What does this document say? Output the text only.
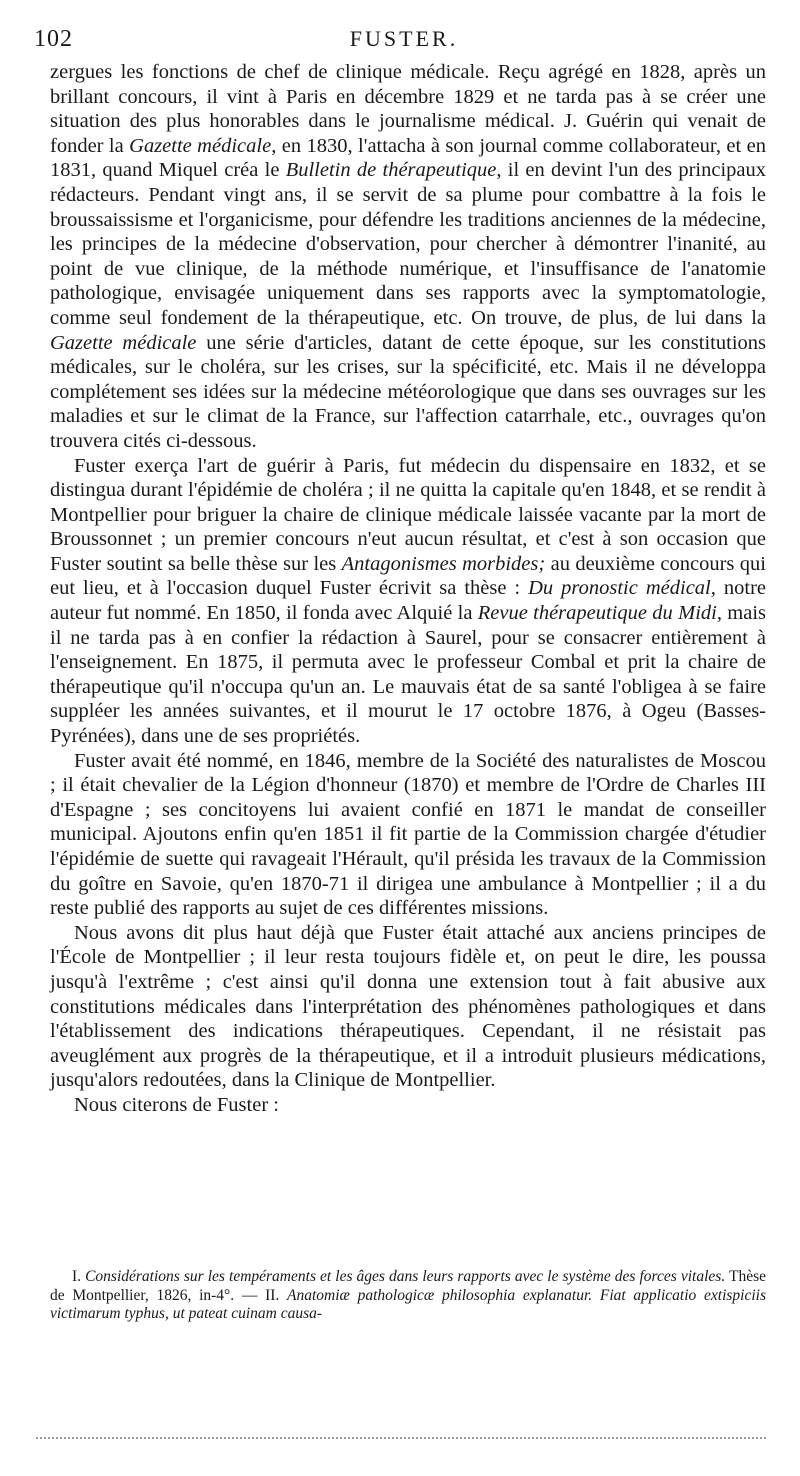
102	FUSTER.

zergues les fonctions de chef de clinique médicale. Reçu agrégé en 1828, après un brillant concours, il vint à Paris en décembre 1829 et ne tarda pas à se créer une situation des plus honorables dans le journalisme médical. J. Guérin qui venait de fonder la Gazette médicale, en 1830, l'attacha à son journal comme collaborateur, et en 1831, quand Miquel créa le Bulletin de thérapeutique, il en devint l'un des principaux rédacteurs. Pendant vingt ans, il se servit de sa plume pour combattre à la fois le broussaissisme et l'organicisme, pour défendre les traditions anciennes de la médecine, les principes de la médecine d'observation, pour chercher à démontrer l'inanité, au point de vue clinique, de la méthode numérique, et l'insuffisance de l'anatomie pathologique, envisagée uniquement dans ses rapports avec la symptomatologie, comme seul fondement de la thérapeutique, etc. On trouve, de plus, de lui dans la Gazette médicale une série d'articles, datant de cette époque, sur les constitutions médicales, sur le choléra, sur les crises, sur la spécificité, etc. Mais il ne développa complétement ses idées sur la médecine météorologique que dans ses ouvrages sur les maladies et sur le climat de la France, sur l'affection catarrhale, etc., ouvrages qu'on trouvera cités ci-dessous.

Fuster exerça l'art de guérir à Paris, fut médecin du dispensaire en 1832, et se distingua durant l'épidémie de choléra ; il ne quitta la capitale qu'en 1848, et se rendit à Montpellier pour briguer la chaire de clinique médicale laissée vacante par la mort de Broussonnet ; un premier concours n'eut aucun résultat, et c'est à son occasion que Fuster soutint sa belle thèse sur les Antagonismes morbides; au deuxième concours qui eut lieu, et à l'occasion duquel Fuster écrivit sa thèse : Du pronostic médical, notre auteur fut nommé. En 1850, il fonda avec Alquié la Revue thérapeutique du Midi, mais il ne tarda pas à en confier la rédaction à Saurel, pour se consacrer entièrement à l'enseignement. En 1875, il permuta avec le professeur Combal et prit la chaire de thérapeutique qu'il n'occupa qu'un an. Le mauvais état de sa santé l'obligea à se faire suppléer les années suivantes, et il mourut le 17 octobre 1876, à Ogeu (Basses-Pyrénées), dans une de ses propriétés.

Fuster avait été nommé, en 1846, membre de la Société des naturalistes de Moscou ; il était chevalier de la Légion d'honneur (1870) et membre de l'Ordre de Charles III d'Espagne ; ses concitoyens lui avaient confié en 1871 le mandat de conseiller municipal. Ajoutons enfin qu'en 1851 il fit partie de la Commission chargée d'étudier l'épidémie de suette qui ravageait l'Hérault, qu'il présida les travaux de la Commission du goître en Savoie, qu'en 1870-71 il dirigea une ambulance à Montpellier ; il a du reste publié des rapports au sujet de ces différentes missions.

Nous avons dit plus haut déjà que Fuster était attaché aux anciens principes de l'École de Montpellier ; il leur resta toujours fidèle et, on peut le dire, les poussa jusqu'à l'extrême ; c'est ainsi qu'il donna une extension tout à fait abusive aux constitutions médicales dans l'interprétation des phénomènes pathologiques et dans l'établissement des indications thérapeutiques. Cependant, il ne résistait pas aveuglément aux progrès de la thérapeutique, et il a introduit plusieurs médications, jusqu'alors redoutées, dans la Clinique de Montpellier.

Nous citerons de Fuster :

I. Considérations sur les tempéraments et les âges dans leurs rapports avec le système des forces vitales. Thèse de Montpellier, 1826, in-4°. — II. Anatomiæ pathologicæ philosophia explanatur. Fiat applicatio extispiciis victimarum typhus, ut pateat cuinam causa-
